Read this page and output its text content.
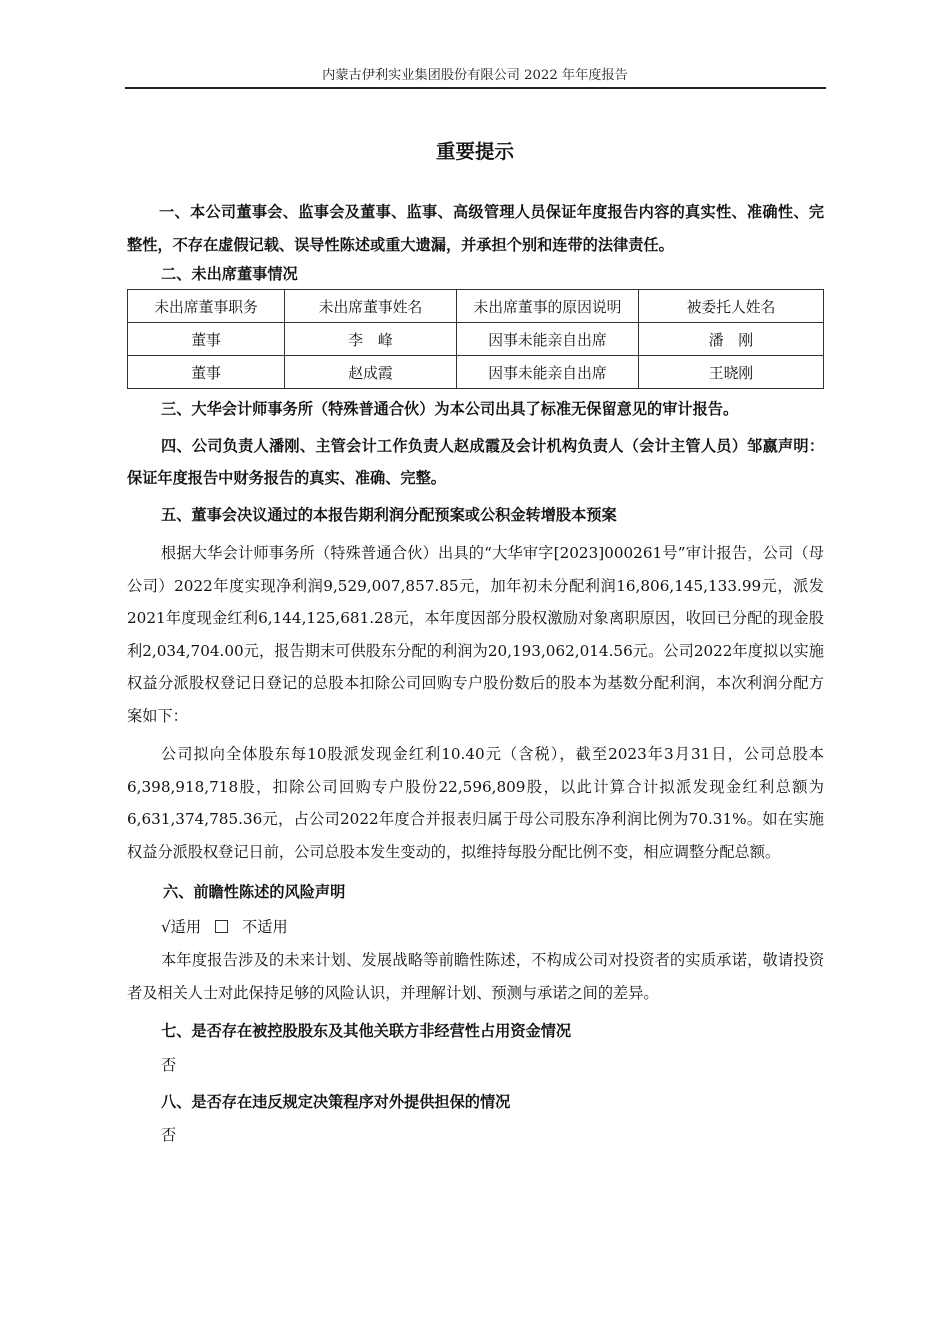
内蒙古伊利实业集团股份有限公司 2022 年年度报告
重要提示

一、本公司董事会、监事会及董事、监事、高级管理人员保证年度报告内容的真实性、准确性、完整性，不存在虚假记载、误导性陈述或重大遗漏，并承担个别和连带的法律责任。

二、未出席董事情况

未出席董事职务	未出席董事姓名	未出席董事的原因说明	被委托人姓名
董事	李　峰	因事未能亲自出席	潘　刚
董事	赵成霞	因事未能亲自出席	王晓刚

三、大华会计师事务所（特殊普通合伙）为本公司出具了标准无保留意见的审计报告。

四、公司负责人潘刚、主管会计工作负责人赵成霞及会计机构负责人（会计主管人员）邹嬴声明：保证年度报告中财务报告的真实、准确、完整。

五、董事会决议通过的本报告期利润分配预案或公积金转增股本预案

根据大华会计师事务所（特殊普通合伙）出具的“大华审字[2023]000261号”审计报告，公司（母公司）2022年度实现净利润9,529,007,857.85元，加年初未分配利润16,806,145,133.99元，派发2021年度现金红利6,144,125,681.28元，本年度因部分股权激励对象离职原因，收回已分配的现金股利2,034,704.00元，报告期末可供股东分配的利润为20,193,062,014.56元。公司2022年度拟以实施权益分派股权登记日登记的总股本扣除公司回购专户股份数后的股本为基数分配利润，本次利润分配方案如下：

公司拟向全体股东每10股派发现金红利10.40元（含税），截至2023年3月31日，公司总股本6,398,918,718股，扣除公司回购专户股份22,596,809股，以此计算合计拟派发现金红利总额为6,631,374,785.36元，占公司2022年度合并报表归属于母公司股东净利润比例为70.31%。如在实施权益分派股权登记日前，公司总股本发生变动的，拟维持每股分配比例不变，相应调整分配总额。

六、前瞻性陈述的风险声明

√适用	不适用

本年度报告涉及的未来计划、发展战略等前瞻性陈述，不构成公司对投资者的实质承诺，敬请投资者及相关人士对此保持足够的风险认识，并理解计划、预测与承诺之间的差异。

七、是否存在被控股股东及其他关联方非经营性占用资金情况

否

八、是否存在违反规定决策程序对外提供担保的情况

否
